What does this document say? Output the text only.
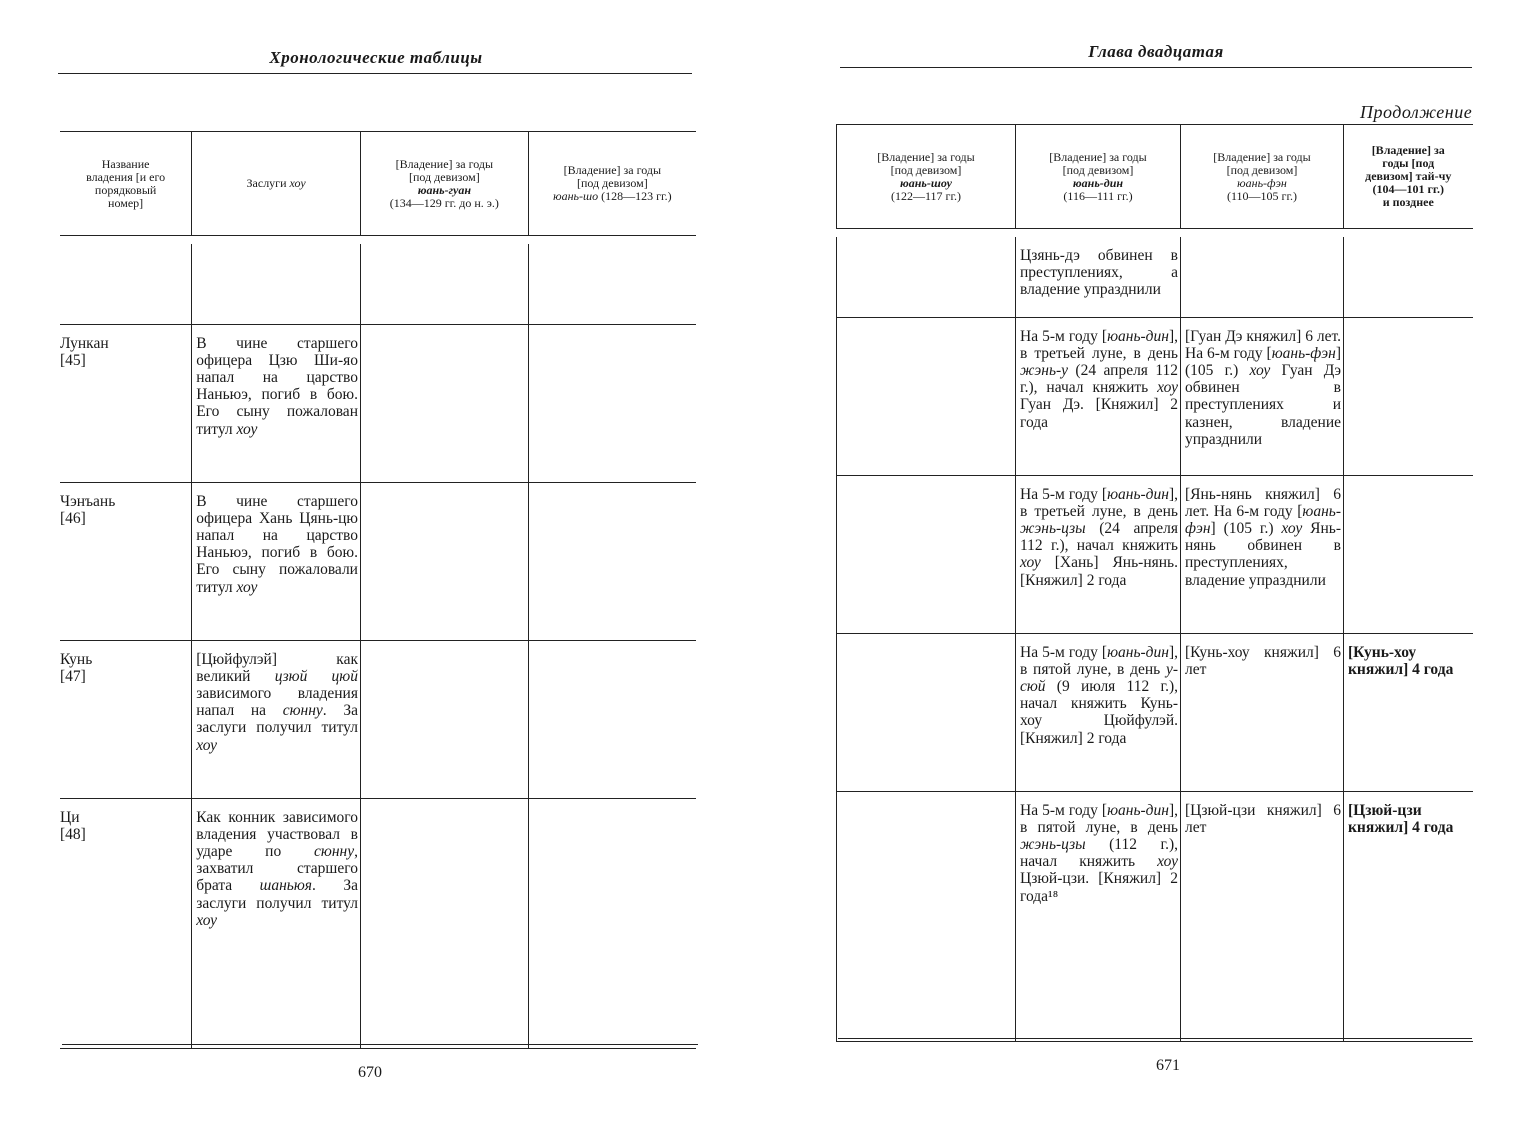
Хронологические таблицы
Название
владения [и его
порядковый
номер]	Заслуги хоу	[Владение] за годы
[под девизом]
юань-гуан
(134—129 гг. до н. э.)	[Владение] за годы
[под девизом]
юань-шо (128—123 гг.)

Лункан
[45]	В чине старшего офицера Цзю Ши-яо напал на царство Наньюэ, погиб в бою. Его сыну пожалован титул хоу		

Чэнъань
[46]	В чине старшего офицера Хань Цянь-цю напал на царство Наньюэ, погиб в бою. Его сыну пожаловали титул хоу		

Кунь
[47]	[Цюйфулэй] как великий цзюй цюй зависимого владения напал на сюнну. За заслуги получил титул хоу		

Ци
[48]	Как конник зависимого владения участвовал в ударе по сюнну, захватил старшего брата шаньюя. За заслуги получил титул хоу		

670
Глава двадцатая
Продолжение
[Владение] за годы
[под девизом]
юань-шоу
(122—117 гг.)	[Владение] за годы
[под девизом]
юань-дин
(116—111 гг.)	[Владение] за годы
[под девизом]
юань-фэн
(110—105 гг.)	[Владение] за
годы [под
девизом] тай-чу
(104—101 гг.)
и позднее

	Цзянь-дэ обвинен в преступлениях, а владение упразднили		

	На 5-м году [юань-дин], в третьей луне, в день жэнь-у (24 апреля 112 г.), начал княжить хоу Гуан Дэ. [Княжил] 2 года	[Гуан Дэ княжил] 6 лет. На 6-м году [юань-фэн] (105 г.) хоу Гуан Дэ обвинен в преступлениях и казнен, владение упразднили	

	На 5-м году [юань-дин], в третьей луне, в день жэнь-цзы (24 апреля 112 г.), начал княжить хоу [Хань] Янь-нянь. [Княжил] 2 года	[Янь-нянь княжил] 6 лет. На 6-м году [юань-фэн] (105 г.) хоу Янь-нянь обвинен в преступлениях, владение упразднили	

	На 5-м году [юань-дин], в пятой луне, в день у-сюй (9 июля 112 г.), начал княжить Кунь-хоу Цюйфулэй. [Княжил] 2 года	[Кунь-хоу княжил] 6 лет	[Кунь-хоу княжил] 4 года

	На 5-м году [юань-дин], в пятой луне, в день жэнь-цзы (112 г.), начал княжить хоу Цзюй-цзи. [Княжил] 2 года¹⁸	[Цзюй-цзи княжил] 6 лет	[Цзюй-цзи княжил] 4 года
671
